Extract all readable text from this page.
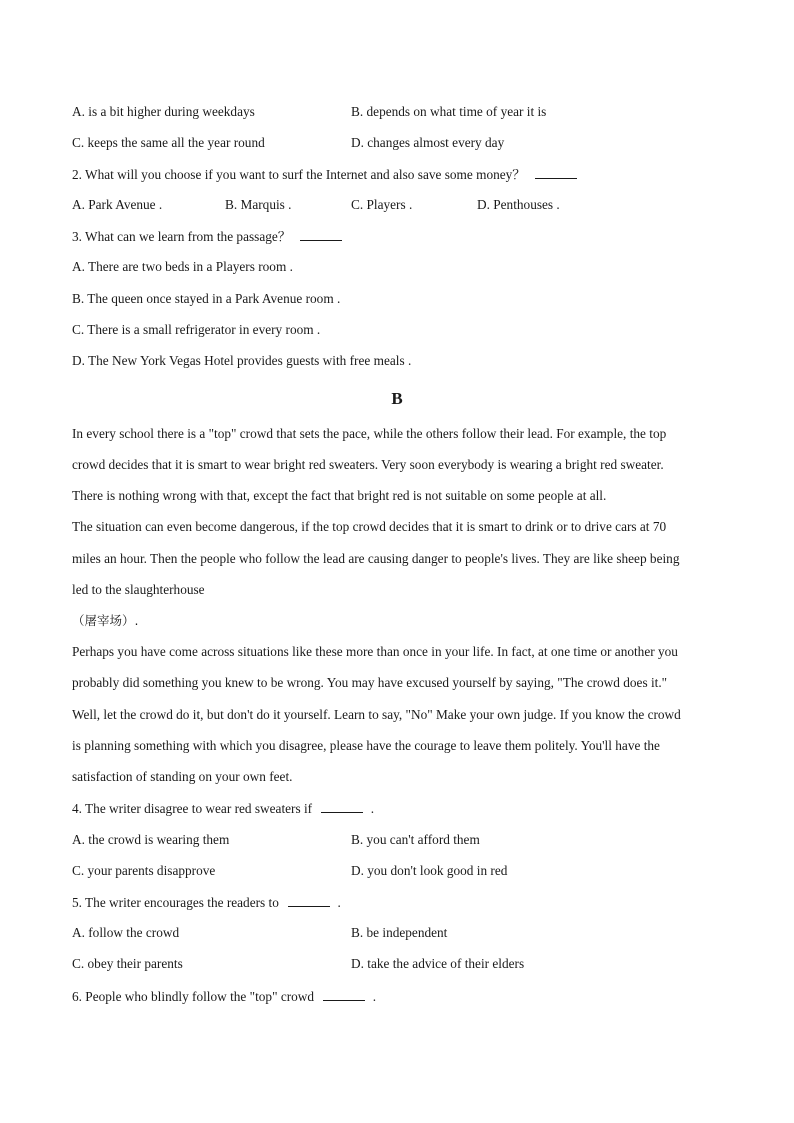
A. is a bit higher during weekdays	B. depends on what time of year it is
C. keeps the same all the year round	D. changes almost every day
2. What will you choose if you want to surf the Internet and also save some money？
A. Park Avenue .	B. Marquis .	C. Players .	D. Penthouses .
3. What can we learn from the passage？
A. There are two beds in a Players room .
B. The queen once stayed in a Park Avenue room .
C. There is a small refrigerator in every room .
D. The New York Vegas Hotel provides guests with free meals .
B
In every school there is a "top" crowd that sets the pace, while the others follow their lead. For example, the top
crowd decides that it is smart to wear bright red sweaters. Very soon everybody is wearing a bright red sweater.
There is nothing wrong with that, except the fact that bright red is not suitable on some people at all.
The situation can even become dangerous, if the top crowd decides that it is smart to drink or to drive cars at 70
miles an hour. Then the people who follow the lead are causing danger to people's lives. They are like sheep being
led to the slaughterhouse
（屠宰场）.
Perhaps you have come across situations like these more than once in your life. In fact, at one time or another you
probably did something you knew to be wrong. You may have excused yourself by saying, "The crowd does it."
Well, let the crowd do it, but don't do it yourself. Learn to say, "No" Make your own judge. If you know the crowd
is planning something with which you disagree, please have the courage to leave them politely. You'll have the
satisfaction of standing on your own feet.
4. The writer disagree to wear red sweaters if	.
A. the crowd is wearing them	B. you can't afford them
C. your parents disapprove	D. you don't look good in red
5. The writer encourages the readers to	.
A. follow the crowd	B. be independent
C. obey their parents	D. take the advice of their elders
6. People who blindly follow the "top" crowd	.
